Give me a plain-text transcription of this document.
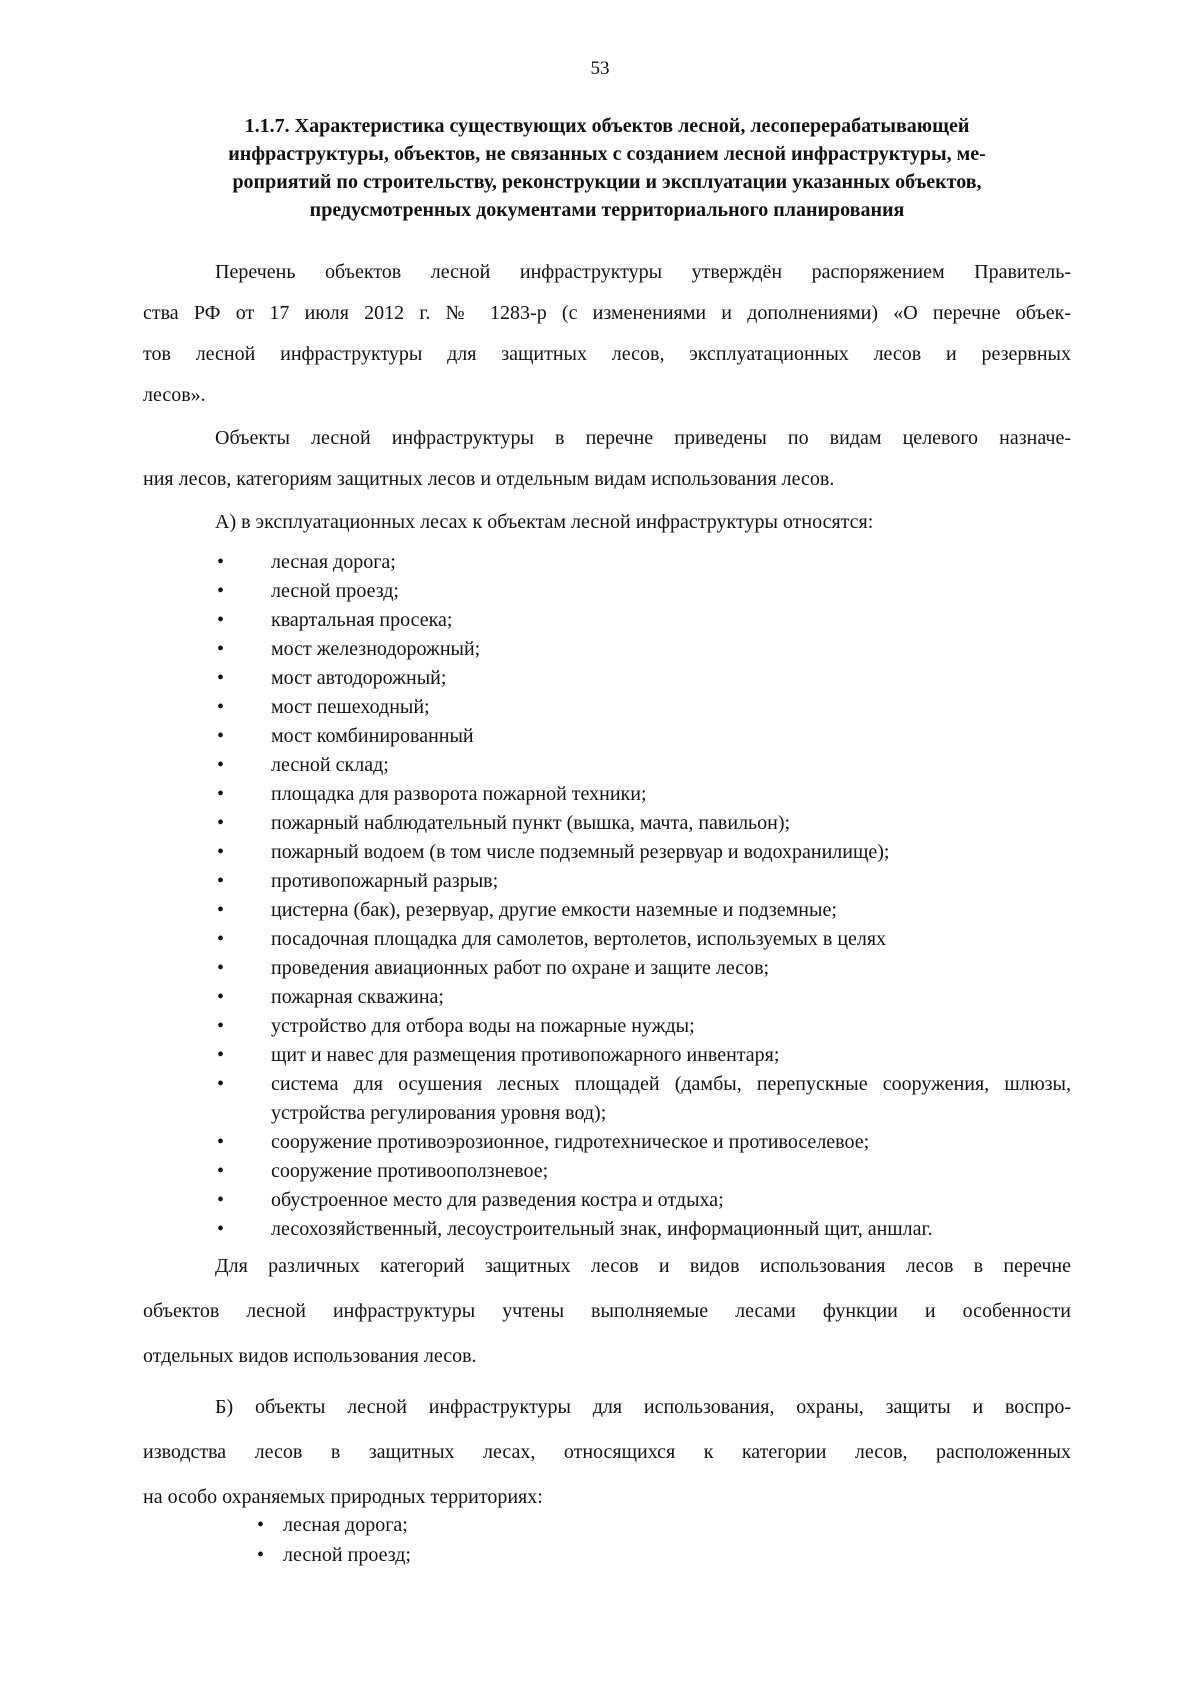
53
1.1.7. Характеристика существующих объектов лесной, лесоперерабатывающей
инфраструктуры, объектов, не связанных с созданием лесной инфраструктуры, ме-
роприятий по строительству, реконструкции и эксплуатации указанных объектов,
предусмотренных документами территориального планирования

Перечень объектов лесной инфраструктуры утверждён распоряжением Правитель-
ства РФ от 17 июля 2012 г. № 1283-р (с изменениями и дополнениями) «О перечне объек-
тов лесной инфраструктуры для защитных лесов, эксплуатационных лесов и резервных
лесов».

Объекты лесной инфраструктуры в перечне приведены по видам целевого назначе-
ния лесов, категориям защитных лесов и отдельным видам использования лесов.

А) в эксплуатационных лесах к объектам лесной инфраструктуры относятся:

• лесная дорога;
• лесной проезд;
• квартальная просека;
• мост железнодорожный;
• мост автодорожный;
• мост пешеходный;
• мост комбинированный
• лесной склад;
• площадка для разворота пожарной техники;
• пожарный наблюдательный пункт (вышка, мачта, павильон);
• пожарный водоем (в том числе подземный резервуар и водохранилище);
• противопожарный разрыв;
• цистерна (бак), резервуар, другие емкости наземные и подземные;
• посадочная площадка для самолетов, вертолетов, используемых в целях
• проведения авиационных работ по охране и защите лесов;
• пожарная скважина;
• устройство для отбора воды на пожарные нужды;
• щит и навес для размещения противопожарного инвентаря;
• система для осушения лесных площадей (дамбы, перепускные сооружения, шлюзы, устройства регулирования уровня вод);
• сооружение противоэрозионное, гидротехническое и противоселевое;
• сооружение противооползневое;
• обустроенное место для разведения костра и отдыха;
• лесохозяйственный, лесоустроительный знак, информационный щит, аншлаг.

Для различных категорий защитных лесов и видов использования лесов в перечне
объектов лесной инфраструктуры учтены выполняемые лесами функции и особенности
отдельных видов использования лесов.

Б) объекты лесной инфраструктуры для использования, охраны, защиты и воспро-
изводства лесов в защитных лесах, относящихся к категории лесов, расположенных
на особо охраняемых природных территориях:

• лесная дорога;
• лесной проезд;
